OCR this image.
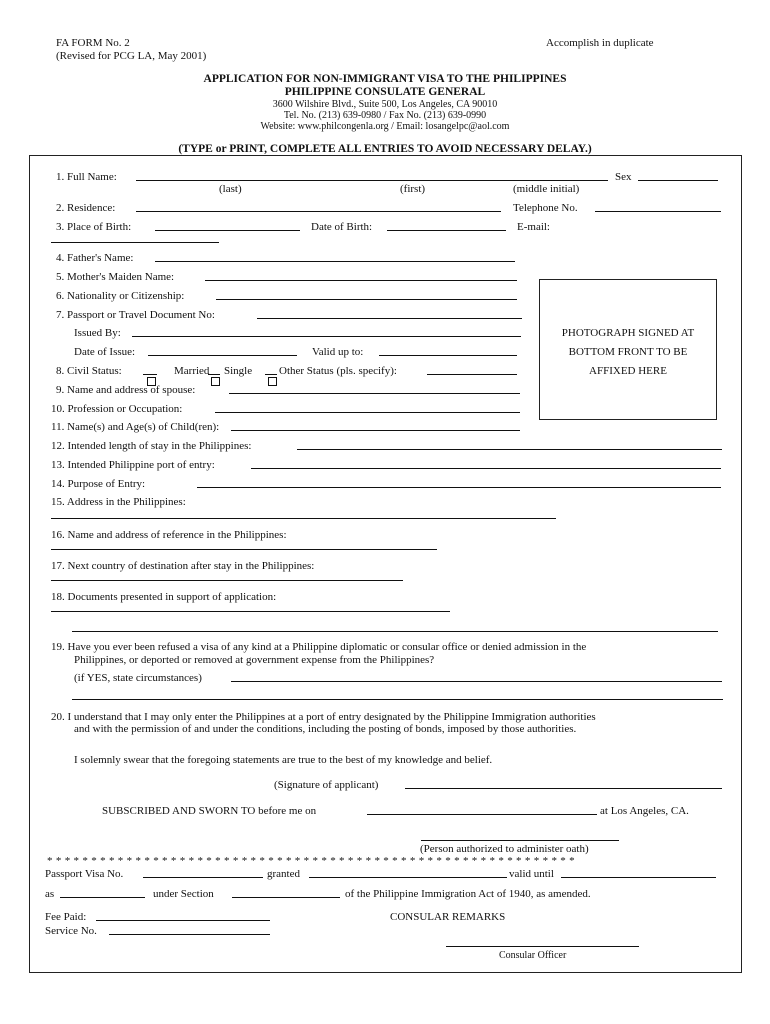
FA FORM No. 2
(Revised for PCG LA, May 2001)
Accomplish in duplicate
APPLICATION FOR NON-IMMIGRANT VISA TO THE PHILIPPINES
PHILIPPINE CONSULATE GENERAL
3600 Wilshire Blvd., Suite 500, Los Angeles, CA 90010
Tel. No. (213) 639-0980 / Fax No. (213) 639-0990
Website: www.philcongenla.org / Email: losangelpc@aol.com
(TYPE or PRINT, COMPLETE ALL ENTRIES TO AVOID NECESSARY DELAY.)
1. Full Name:	Sex
(last)	(first)	(middle initial)
2. Residence:	Telephone No.
3. Place of Birth:	Date of Birth:	E-mail:
4. Father's Name:
5. Mother's Maiden Name:
6. Nationality or Citizenship:
7. Passport or Travel Document No:
Issued By:
Date of Issue:	Valid up to:
PHOTOGRAPH SIGNED AT
BOTTOM FRONT TO BE
AFFIXED HERE
8. Civil Status:	Married Single Other Status (pls. specify):
9. Name and address of spouse:
10. Profession or Occupation:
11. Name(s) and Age(s) of Child(ren):
12. Intended length of stay in the Philippines:
13. Intended Philippine port of entry:
14. Purpose of Entry:
15. Address in the Philippines:
16. Name and address of reference in the Philippines:
17. Next country of destination after stay in the Philippines:
18. Documents presented in support of application:
19. Have you ever been refused a visa of any kind at a Philippine diplomatic or consular office or denied admission in the
Philippines, or deported or removed at government expense from the Philippines?
(if YES, state circumstances)
20. I understand that I may only enter the Philippines at a port of entry designated by the Philippine Immigration authorities
and with the permission of and under the conditions, including the posting of bonds, imposed by those authorities.
I solemnly swear that the foregoing statements are true to the best of my knowledge and belief.
(Signature of applicant)
SUBSCRIBED AND SWORN TO before me on	at Los Angeles, CA.
(Person authorized to administer oath)
* * * * * * * * * * * * * * * * * * * * * * * * * * * * * * * * * * * * * * * * * * * * * * * * * * * * * * * * * * * *
Passport Visa No.	granted	valid until
as	under Section	of the Philippine Immigration Act of 1940, as amended.
Fee Paid:	CONSULAR REMARKS
Service No.
Consular Officer
